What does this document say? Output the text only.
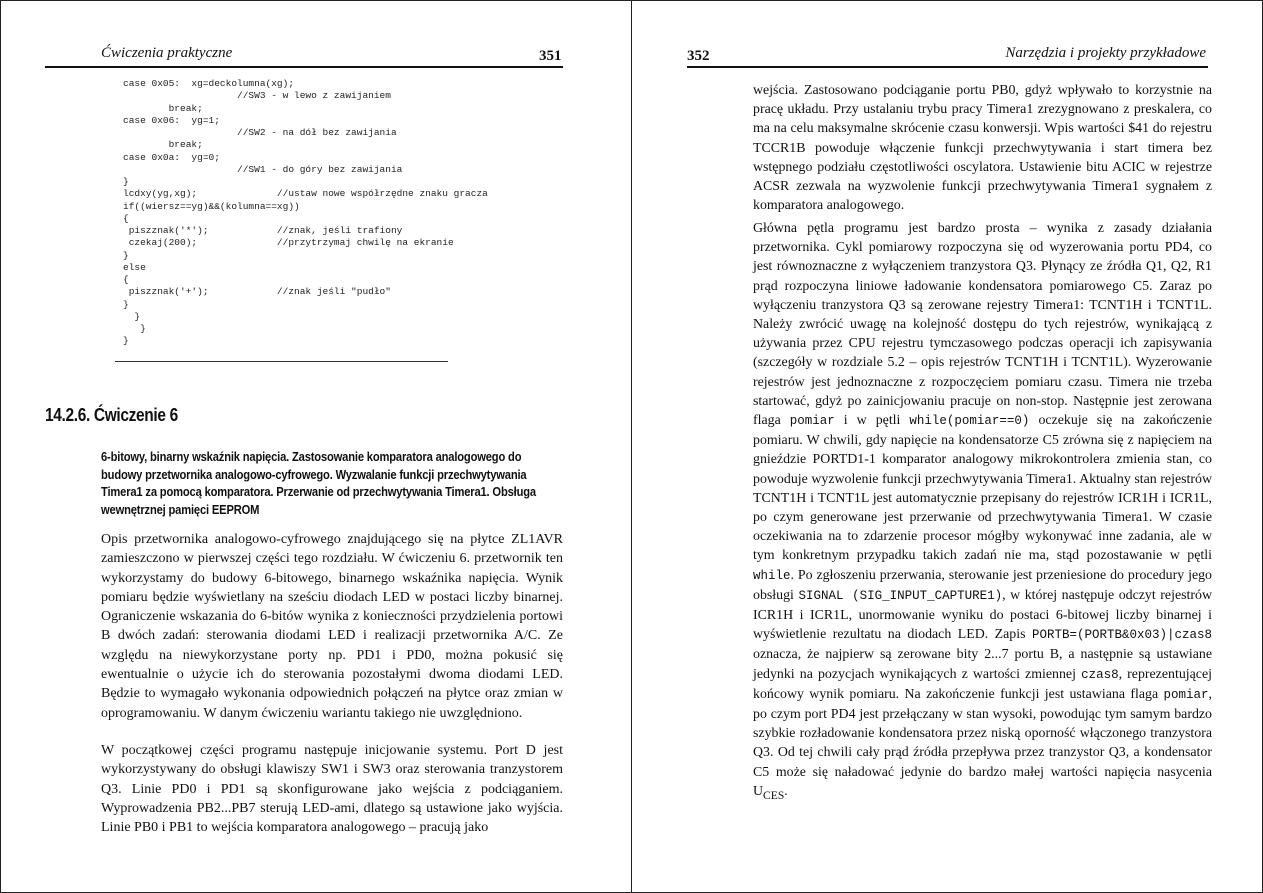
Ćwiczenia praktyczne	351
case 0x05:  xg=deckolumna(xg);
//SW3 - w lewo z zawijaniem
break;
case 0x06:  yg=1;
//SW2 - na dół bez zawijania
break;
case 0x0a:  yg=0;
//SW1 - do góry bez zawijania
}
lcdxy(yg,xg);              //ustaw nowe współrzędne znaku gracza
if((wiersz==yg)&&(kolumna==xg))
{
piszznak('*');            //znak, jeśli trafiony
czekaj(200);              //przytrzymaj chwilę na ekranie
}
else
{
piszznak('+');            //znak jeśli "pudło"
}
}
}
}
14.2.6. Ćwiczenie 6
6-bitowy, binarny wskaźnik napięcia. Zastosowanie komparatora analogowego do budowy przetwornika analogowo-cyfrowego. Wyzwalanie funkcji przechwytywania Timera1 za pomocą komparatora. Przerwanie od przechwytywania Timera1. Obsługa wewnętrznej pamięci EEPROM

Opis przetwornika analogowo-cyfrowego znajdującego się na płytce ZL1AVR zamieszczono w pierwszej części tego rozdziału. W ćwiczeniu 6. przetwornik ten wykorzystamy do budowy 6-bitowego, binarnego wskaźnika napięcia. Wynik pomiaru będzie wyświetlany na sześciu diodach LED w postaci liczby binarnej. Ograniczenie wskazania do 6-bitów wynika z konieczności przydzielenia portowi B dwóch zadań: sterowania diodami LED i realizacji przetwornika A/C. Ze względu na niewykorzystane porty np. PD1 i PD0, można pokusić się ewentualnie o użycie ich do sterowania pozostałymi dwoma diodami LED. Będzie to wymagało wykonania odpowiednich połączeń na płytce oraz zmian w oprogramowaniu. W danym ćwiczeniu wariantu takiego nie uwzględniono.

W początkowej części programu następuje inicjowanie systemu. Port D jest wykorzystywany do obsługi klawiszy SW1 i SW3 oraz sterowania tranzystorem Q3. Linie PD0 i PD1 są skonfigurowane jako wejścia z podciąganiem. Wyprowadzenia PB2...PB7 sterują LED-ami, dlatego są ustawione jako wyjścia. Linie PB0 i PB1 to wejścia komparatora analogowego – pracują jako

352	Narzędzia i projekty przykładowe

wejścia. Zastosowano podciąganie portu PB0, gdyż wpływało to korzystnie na pracę układu. Przy ustalaniu trybu pracy Timera1 zrezygnowano z preskalera, co ma na celu maksymalne skrócenie czasu konwersji. Wpis wartości $41 do rejestru TCCR1B powoduje włączenie funkcji przechwytywania i start timera bez wstępnego podziału częstotliwości oscylatora. Ustawienie bitu ACIC w rejestrze ACSR zezwala na wyzwolenie funkcji przechwytywania Timera1 sygnałem z komparatora analogowego.

Główna pętla programu jest bardzo prosta – wynika z zasady działania przetwornika. Cykl pomiarowy rozpoczyna się od wyzerowania portu PD4, co jest równoznaczne z wyłączeniem tranzystora Q3. Płynący ze źródła Q1, Q2, R1 prąd rozpoczyna liniowe ładowanie kondensatora pomiarowego C5. Zaraz po wyłączeniu tranzystora Q3 są zerowane rejestry Timera1: TCNT1H i TCNT1L. Należy zwrócić uwagę na kolejność dostępu do tych rejestrów, wynikającą z używania przez CPU rejestru tymczasowego podczas operacji ich zapisywania (szczegóły w rozdziale 5.2 – opis rejestrów TCNT1H i TCNT1L). Wyzerowanie rejestrów jest jednoznaczne z rozpoczęciem pomiaru czasu. Timera nie trzeba startować, gdyż po zainicjowaniu pracuje on non-stop. Następnie jest zerowana flaga pomiar i w pętli while(pomiar==0) oczekuje się na zakończenie pomiaru. W chwili, gdy napięcie na kondensatorze C5 zrówna się z napięciem na gnieździe PORTD1-1 komparator analogowy mikrokontrolera zmienia stan, co powoduje wyzwolenie funkcji przechwytywania Timera1. Aktualny stan rejestrów TCNT1H i TCNT1L jest automatycznie przepisany do rejestrów ICR1H i ICR1L, po czym generowane jest przerwanie od przechwytywania Timera1. W czasie oczekiwania na to zdarzenie procesor mógłby wykonywać inne zadania, ale w tym konkretnym przypadku takich zadań nie ma, stąd pozostawanie w pętli while. Po zgłoszeniu przerwania, sterowanie jest przeniesione do procedury jego obsługi SIGNAL (SIG_INPUT_CAPTURE1), w której następuje odczyt rejestrów ICR1H i ICR1L, unormowanie wyniku do postaci 6-bitowej liczby binarnej i wyświetlenie rezultatu na diodach LED. Zapis PORTB=(PORTB&0x03)|czas8 oznacza, że najpierw są zerowane bity 2...7 portu B, a następnie są ustawiane jedynki na pozycjach wynikających z wartości zmiennej czas8, reprezentującej końcowy wynik pomiaru. Na zakończenie funkcji jest ustawiana flaga pomiar, po czym port PD4 jest przełączany w stan wysoki, powodując tym samym bardzo szybkie rozładowanie kondensatora przez niską oporność włączonego tranzystora Q3. Od tej chwili cały prąd źródła przepływa przez tranzystor Q3, a kondensator C5 może się naładować jedynie do bardzo małej wartości napięcia nasycenia $U_{CES}$.
